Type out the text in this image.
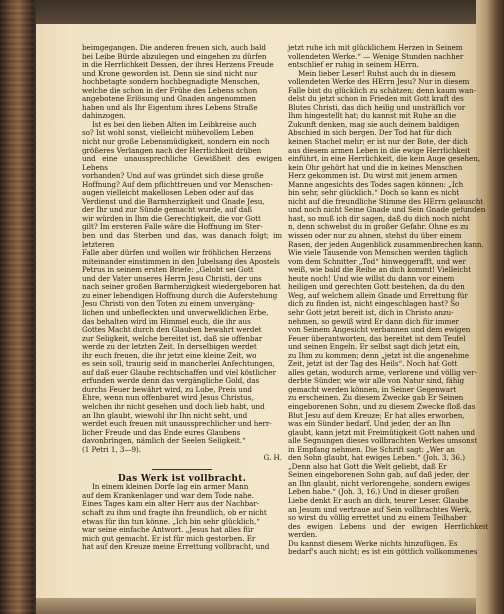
beimgegangen. Die anderen freuen sich, auch bald

bei Leibe Bürde abzulegen und eingehen zu dürfen

in die Herrlichkeit Dessen, der ihres Herzens Freude

und Krone geworden ist. Denn sie sind nicht nur

hochbetagte sondern hochbegnadigte Menschen,

welche die schon in der Frühe des Lebens schon

angebotene Erlösung und Gnaden angenommen

haben und als Ihr Eigentum ihres Lebens Straße

dahinzogen.

Ist es bei den lieben Alten im Leibkreise auch

so? Ist wohl sonst, vielleicht mühevollem Leben

nicht nur große Lebensmüdigkeit, sondern ein noch

größeres Verlangen nach der Herrlichkeit drüben

und eine unaussprechliche Gewißheit des ewigen Lebens

vorhanden? Und auf was gründet sich diese große

Hoffnung? Auf dem pflichttreuen und vor Menschen-

augen vielleicht makellosen Leben oder auf das

Verdienst und die Barmherzigkeit und Gnade Jesu,

der Ihr und zur Sünde gemacht wurde, auf daß

wir würden in Ihm die Gerechtigkeit, die vor Gott

gilt? Im ersteren Falle wäre die Hoffnung im Ster-

ben und das Sterben und das, was danach folgt; im letzteren

Falle aber dürfen und wollen wir fröhlichen Herzens

miteinander einstimmen in den Jubelsang des Apostels

Petrus in seinem ersten Briefe: „Gelobt sei Gott

und der Vater unseres Herrn Jesu Christi, der uns

nach seiner großen Barmherzigkeit wiedergeboren hat

zu einer lebendigen Hoffnung durch die Auferstehung

Jesu Christi von den Toten zu einem unvergäng-

lichen und unbefleckten und unverwelklichen Erbe,

das behalten wird im Himmel euch, die ihr aus

Gottes Macht durch den Glauben bewahrt werdet

zur Seligkeit, welche bereitet ist, daß sie offenbar

werde zu der letzten Zeit. In derselbigen werdet

ihr euch freuen, die ihr jetzt eine kleine Zeit, wo

es sein soll, traurig seid in mancherlei Anfechtungen,

auf daß euer Glaube rechtschaffen und viel köstlicher

erfunden werde denn das vergängliche Gold, das

durchs Feuer bewährt wird, zu Lobe, Preis und

Ehre, wenn nun offenbaret wird Jesus Christus,

welchen ihr nicht gesehen und doch lieb habt, und

an Ihn glaubt, wiewohl ihr Ihn nicht seht, und

werdet euch freuen mit unaussprechlicher und herr-

licher Freude und das Ende eures Glaubens

davonbringen, nämlich der Seelen Seligkeit.“

(1 Petri 1, 3—9).

G. H.

Das Werk ist vollbracht.

In einem kleinen Dorfe lag ein armer Mann

auf dem Krankenlager und war dem Tode nahe.

Eines Tages kam ein alter Herr aus der Nachbar-

schaft zu ihm und fragte ihn freundlich, ob er nicht

etwas für ihn tun könne. „Ich bin sehr glücklich,“

war seine einfache Antwort. „Jesus hat alles für

mich gut gemacht. Er ist für mich gestorben. Er

hat auf den Kreuze meine Errettung vollbracht, und

jetzt ruhe ich mit glücklichem Herzen in Seinem

vollendeten Werke.“ — Wenige Stunden nachher

entschlief er ruhig in seinem HErrn.

Mein lieber Leser! Ruhst auch du in diesem

vollendeten Werke des HErrn Jesu? Nur in diesem

Falle bist du glücklich zu schätzen; denn kaum wan-

delst du jetzt schon in Frieden mit Gott kraft des

Blutes Christi, das dich heilig und unsträflich vor

Ihm hingestellt hat; du kannst mit Ruhe an die

Zukunft denken, mag sie auch deinem baldigen

Abschied in sich bergen. Der Tod hat für dich

keinen Stachel mehr; er ist nur der Bote, der dich

aus diesem armen Leben in die ewige Herrlichkeit

einführt, in eine Herrlichkeit, die kein Auge gesehen,

kein Ohr gehört hat und die in keines Menschen

Herz gekommen ist. Du wirst mit jenem armen

Manne angesichts des Todes sagen können: „Ich

bin sehr, sehr glücklich.“ Doch so kann es nicht

nicht auf die freundliche Stimme des HErrn gelauscht

und noch nicht Seine Gnade und Sein Gnade gefunden

hast, so muß ich dir sagen, daß du dich noch nicht

n, denn schwebst du in großer Gefahr. Ohne es zu

wissen oder nur zu ahnen, stehst du über einem

Rasen, der jeden Augenblick zusammenbrechen kann.

Wie viele Tausende von Menschen werden täglich

vom dem Schnitter „Tod“ hinweggerafft, und wer

weiß, wie bald die Reihe an dich kommt! Vielleicht

heute noch! Und wie willst du dann vor einem

heiligen und gerechten Gott bestehen, da du den

Weg, auf welchem allein Gnade und Errettung für

dich zu finden ist, nicht eingeschlagen hast? So

sehr Gott jetzt bereit ist, dich in Christo anzu-

nehmen, so gewiß wird Er dann dich für immer

von Seinem Angesicht verbannen und dem ewigen

Feuer überantworten, das bereitet ist dem Teufel

und seinen Engeln. Er selbst sagt dich jetzt ein,

zu Ihm zu kommen; denn „jetzt ist die angenehme

Zeit, jetzt ist der Tag des Heils“. Noch hat Gott

alles getan, wodurch arme, verlorene und völlig ver-

derbte Sünder, wie wir alle von Natur sind, fähig

gemacht werden können, in Seiner Gegenwart

zu erscheinen. Zu diesem Zwecke gab Er Seinen

eingeborenen Sohn, und zu diesem Zwecke floß das

Blut Jesu auf dem Kreuze; Er hat alles erworben,

was ein Sünder bedarf. Und jeder, der an Ihn

glaubt, kann jetzt mit Freimütigkeit Gott nahen und

alle Segnungen dieses vollbrachten Werkes umsonst

in Empfang nehmen. Die Schrift sagt: „Wer an

den Sohn glaubt, hat ewiges Leben.“ (Joh. 3, 36.)

„Denn also hat Gott die Welt geliebt, daß Er

Seinen eingeborenen Sohn gab, auf daß jeder, der

an Ihn glaubt, nicht verlorengehe, sondern ewiges

Leben habe.“ (Joh. 3, 16.) Und in dieser großen

Liebe denkt Er auch an dich, teurer Leser. Glaube

an Jesum und vertraue auf Sein vollbrachtes Werk,

so wirst du völlig errettet und zu einem Teilhaber

des ewigen Lebens und der ewigen Herrlichkeit werden.

Du kannst diesem Werke nichts hinzufügen. Es

bedarf's auch nicht; es ist ein göttlich vollkommenes
